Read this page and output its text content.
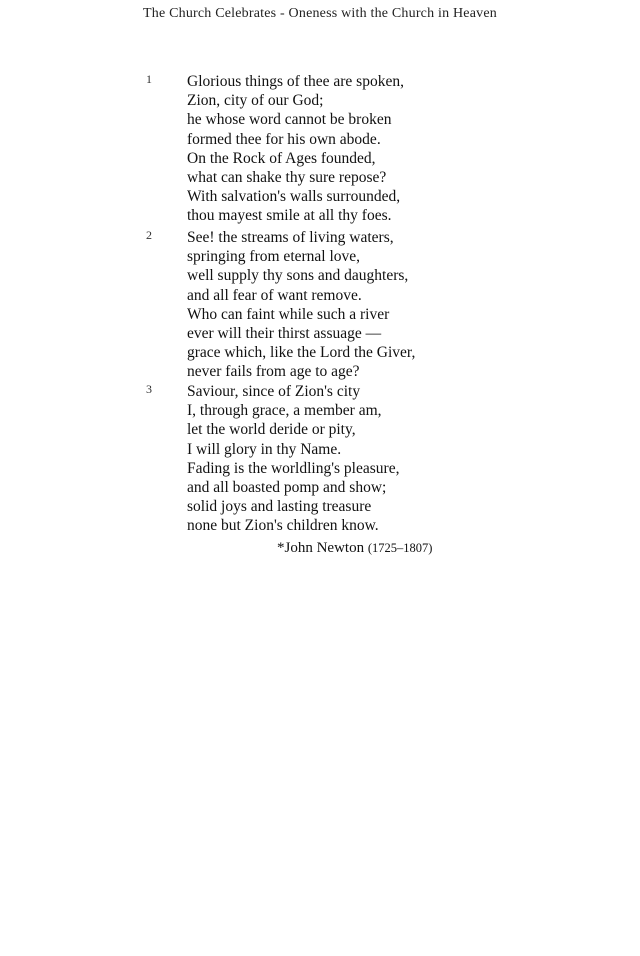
The Church Celebrates - Oneness with the Church in Heaven
1 Glorious things of thee are spoken,
Zion, city of our God;
he whose word cannot be broken
formed thee for his own abode.
On the Rock of Ages founded,
what can shake thy sure repose?
With salvation's walls surrounded,
thou mayest smile at all thy foes.
2 See! the streams of living waters,
springing from eternal love,
well supply thy sons and daughters,
and all fear of want remove.
Who can faint while such a river
ever will their thirst assuage —
grace which, like the Lord the Giver,
never fails from age to age?
3 Saviour, since of Zion's city
I, through grace, a member am,
let the world deride or pity,
I will glory in thy Name.
Fading is the worldling's pleasure,
and all boasted pomp and show;
solid joys and lasting treasure
none but Zion's children know.
*John Newton (1725–1807)
